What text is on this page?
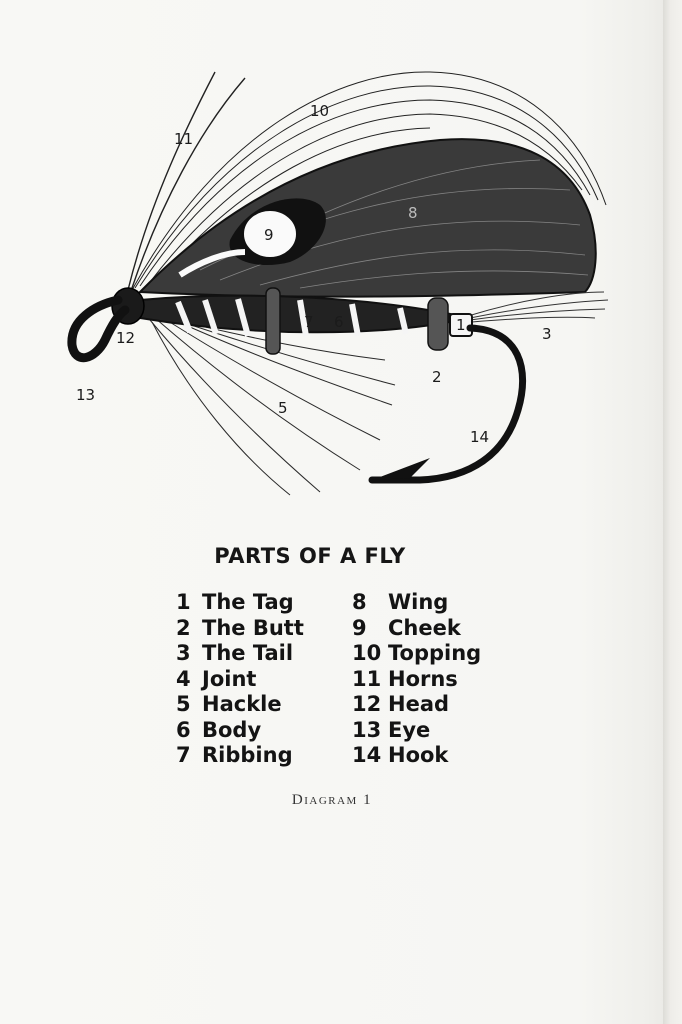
1
2
3
5
6
7
8
9
10
11
12
13
14
PARTS OF A FLY
1 The Tag
2 The Butt
3 The Tail
4 Joint
5 Hackle
6 Body
7 Ribbing
8 Wing
9 Cheek
10 Topping
11 Horns
12 Head
13 Eye
14 Hook
Diagram 1
